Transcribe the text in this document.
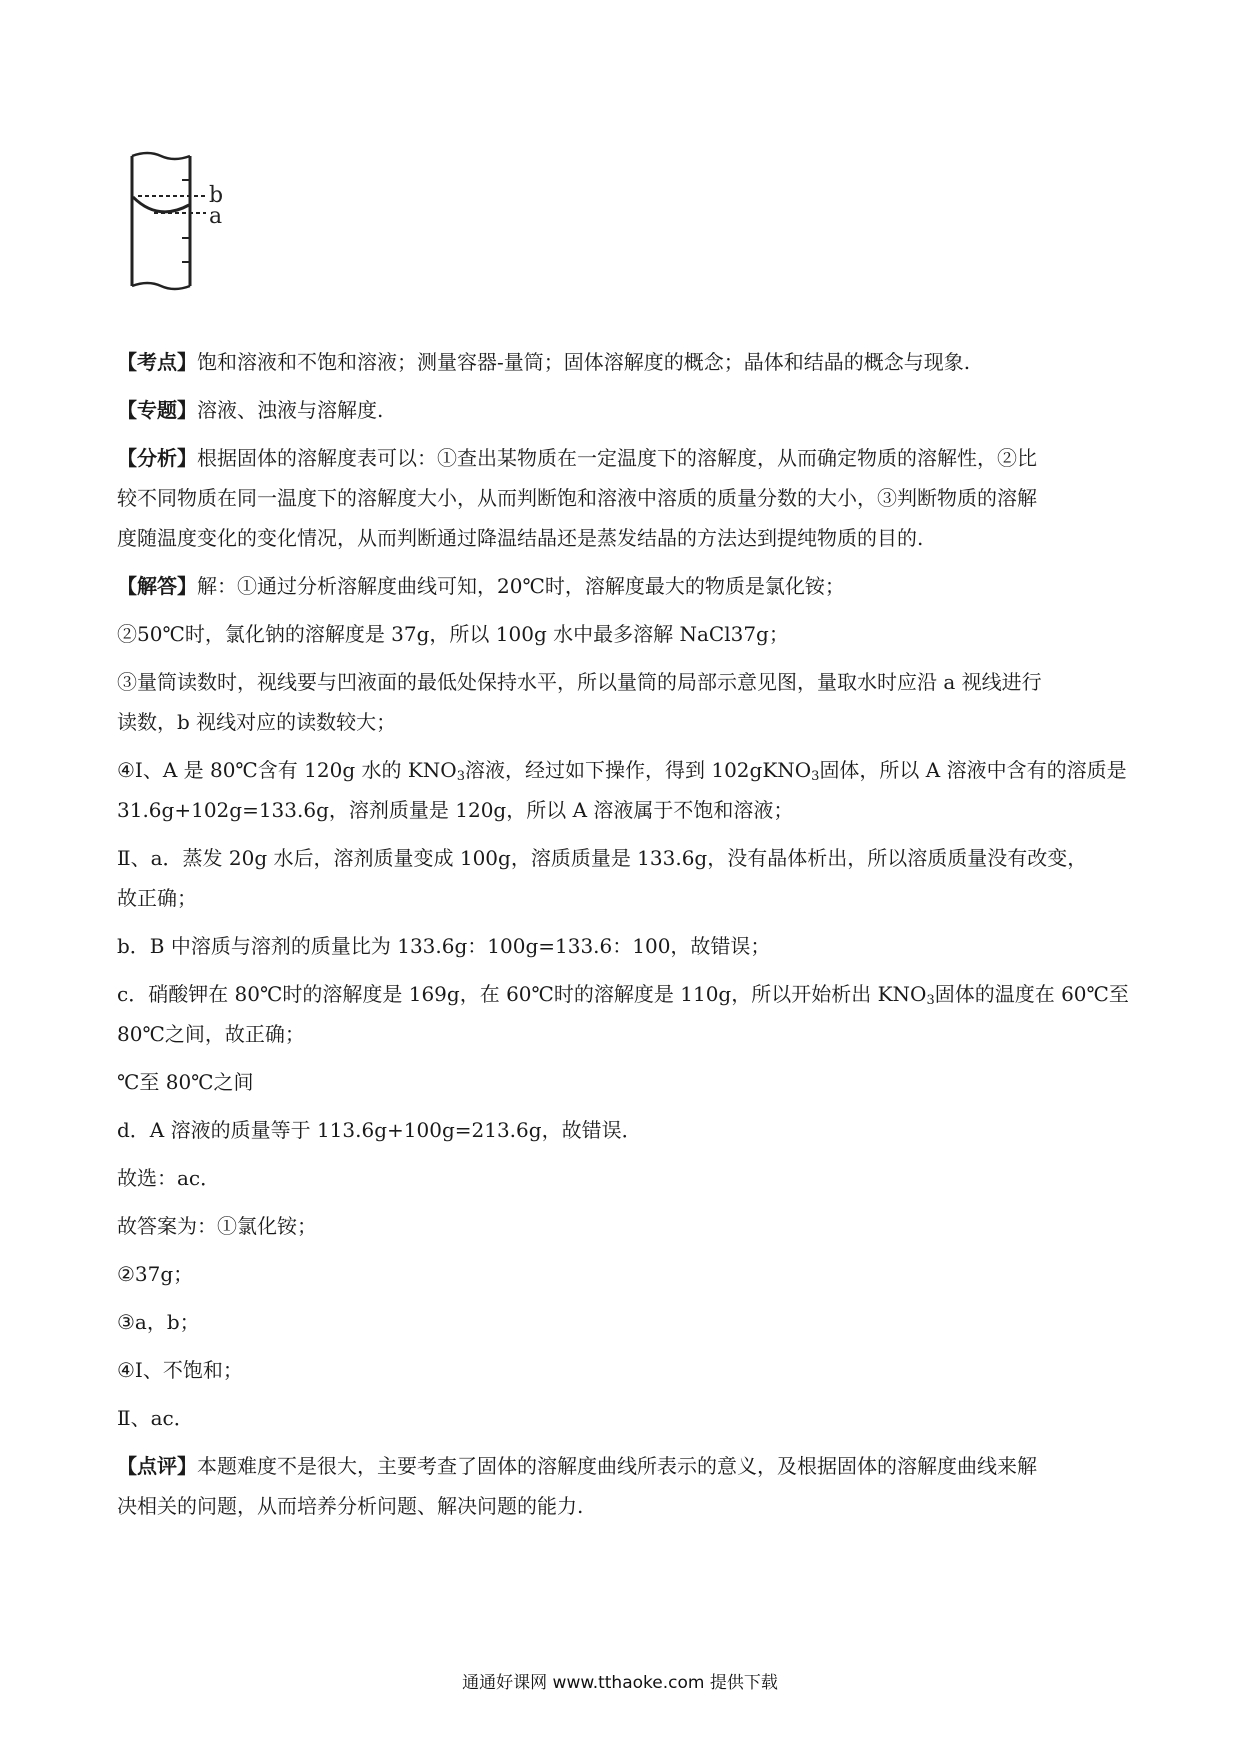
b
a

【考点】饱和溶液和不饱和溶液；测量容器-量筒；固体溶解度的概念；晶体和结晶的概念与现象.

【专题】溶液、浊液与溶解度.

【分析】根据固体的溶解度表可以：①查出某物质在一定温度下的溶解度，从而确定物质的溶解性，②比

较不同物质在同一温度下的溶解度大小，从而判断饱和溶液中溶质的质量分数的大小，③判断物质的溶解

度随温度变化的变化情况，从而判断通过降温结晶还是蒸发结晶的方法达到提纯物质的目的.

【解答】解：①通过分析溶解度曲线可知，20℃时，溶解度最大的物质是氯化铵；

②50℃时，氯化钠的溶解度是 37g，所以 100g 水中最多溶解 NaCl37g；

③量筒读数时，视线要与凹液面的最低处保持水平，所以量筒的局部示意见图，量取水时应沿 a 视线进行

读数，b 视线对应的读数较大；

④Ⅰ、A 是 80℃含有 120g 水的 $KNO_3$溶液，经过如下操作，得到 102gKNO$_3$固体，所以 A 溶液中含有的溶质是

31.6g+102g=133.6g，溶剂质量是 120g，所以 A 溶液属于不饱和溶液；

Ⅱ、a．蒸发 20g 水后，溶剂质量变成 100g，溶质质量是 133.6g，没有晶体析出，所以溶质质量没有改变，

故正确；

b．B 中溶质与溶剂的质量比为 133.6g：100g=133.6：100，故错误；

c．硝酸钾在 80℃时的溶解度是 169g，在 60℃时的溶解度是 110g，所以开始析出 $KNO_3$固体的温度在 60℃至

80℃之间，故正确；

℃至 80℃之间

d．A 溶液的质量等于 113.6g+100g=213.6g，故错误．

故选：ac．

故答案为：①氯化铵；

②37g；

③a，b；

④Ⅰ、不饱和；

Ⅱ、ac．

【点评】本题难度不是很大，主要考查了固体的溶解度曲线所表示的意义，及根据固体的溶解度曲线来解

决相关的问题，从而培养分析问题、解决问题的能力.

通通好课网 www.tthaoke.com 提供下载
